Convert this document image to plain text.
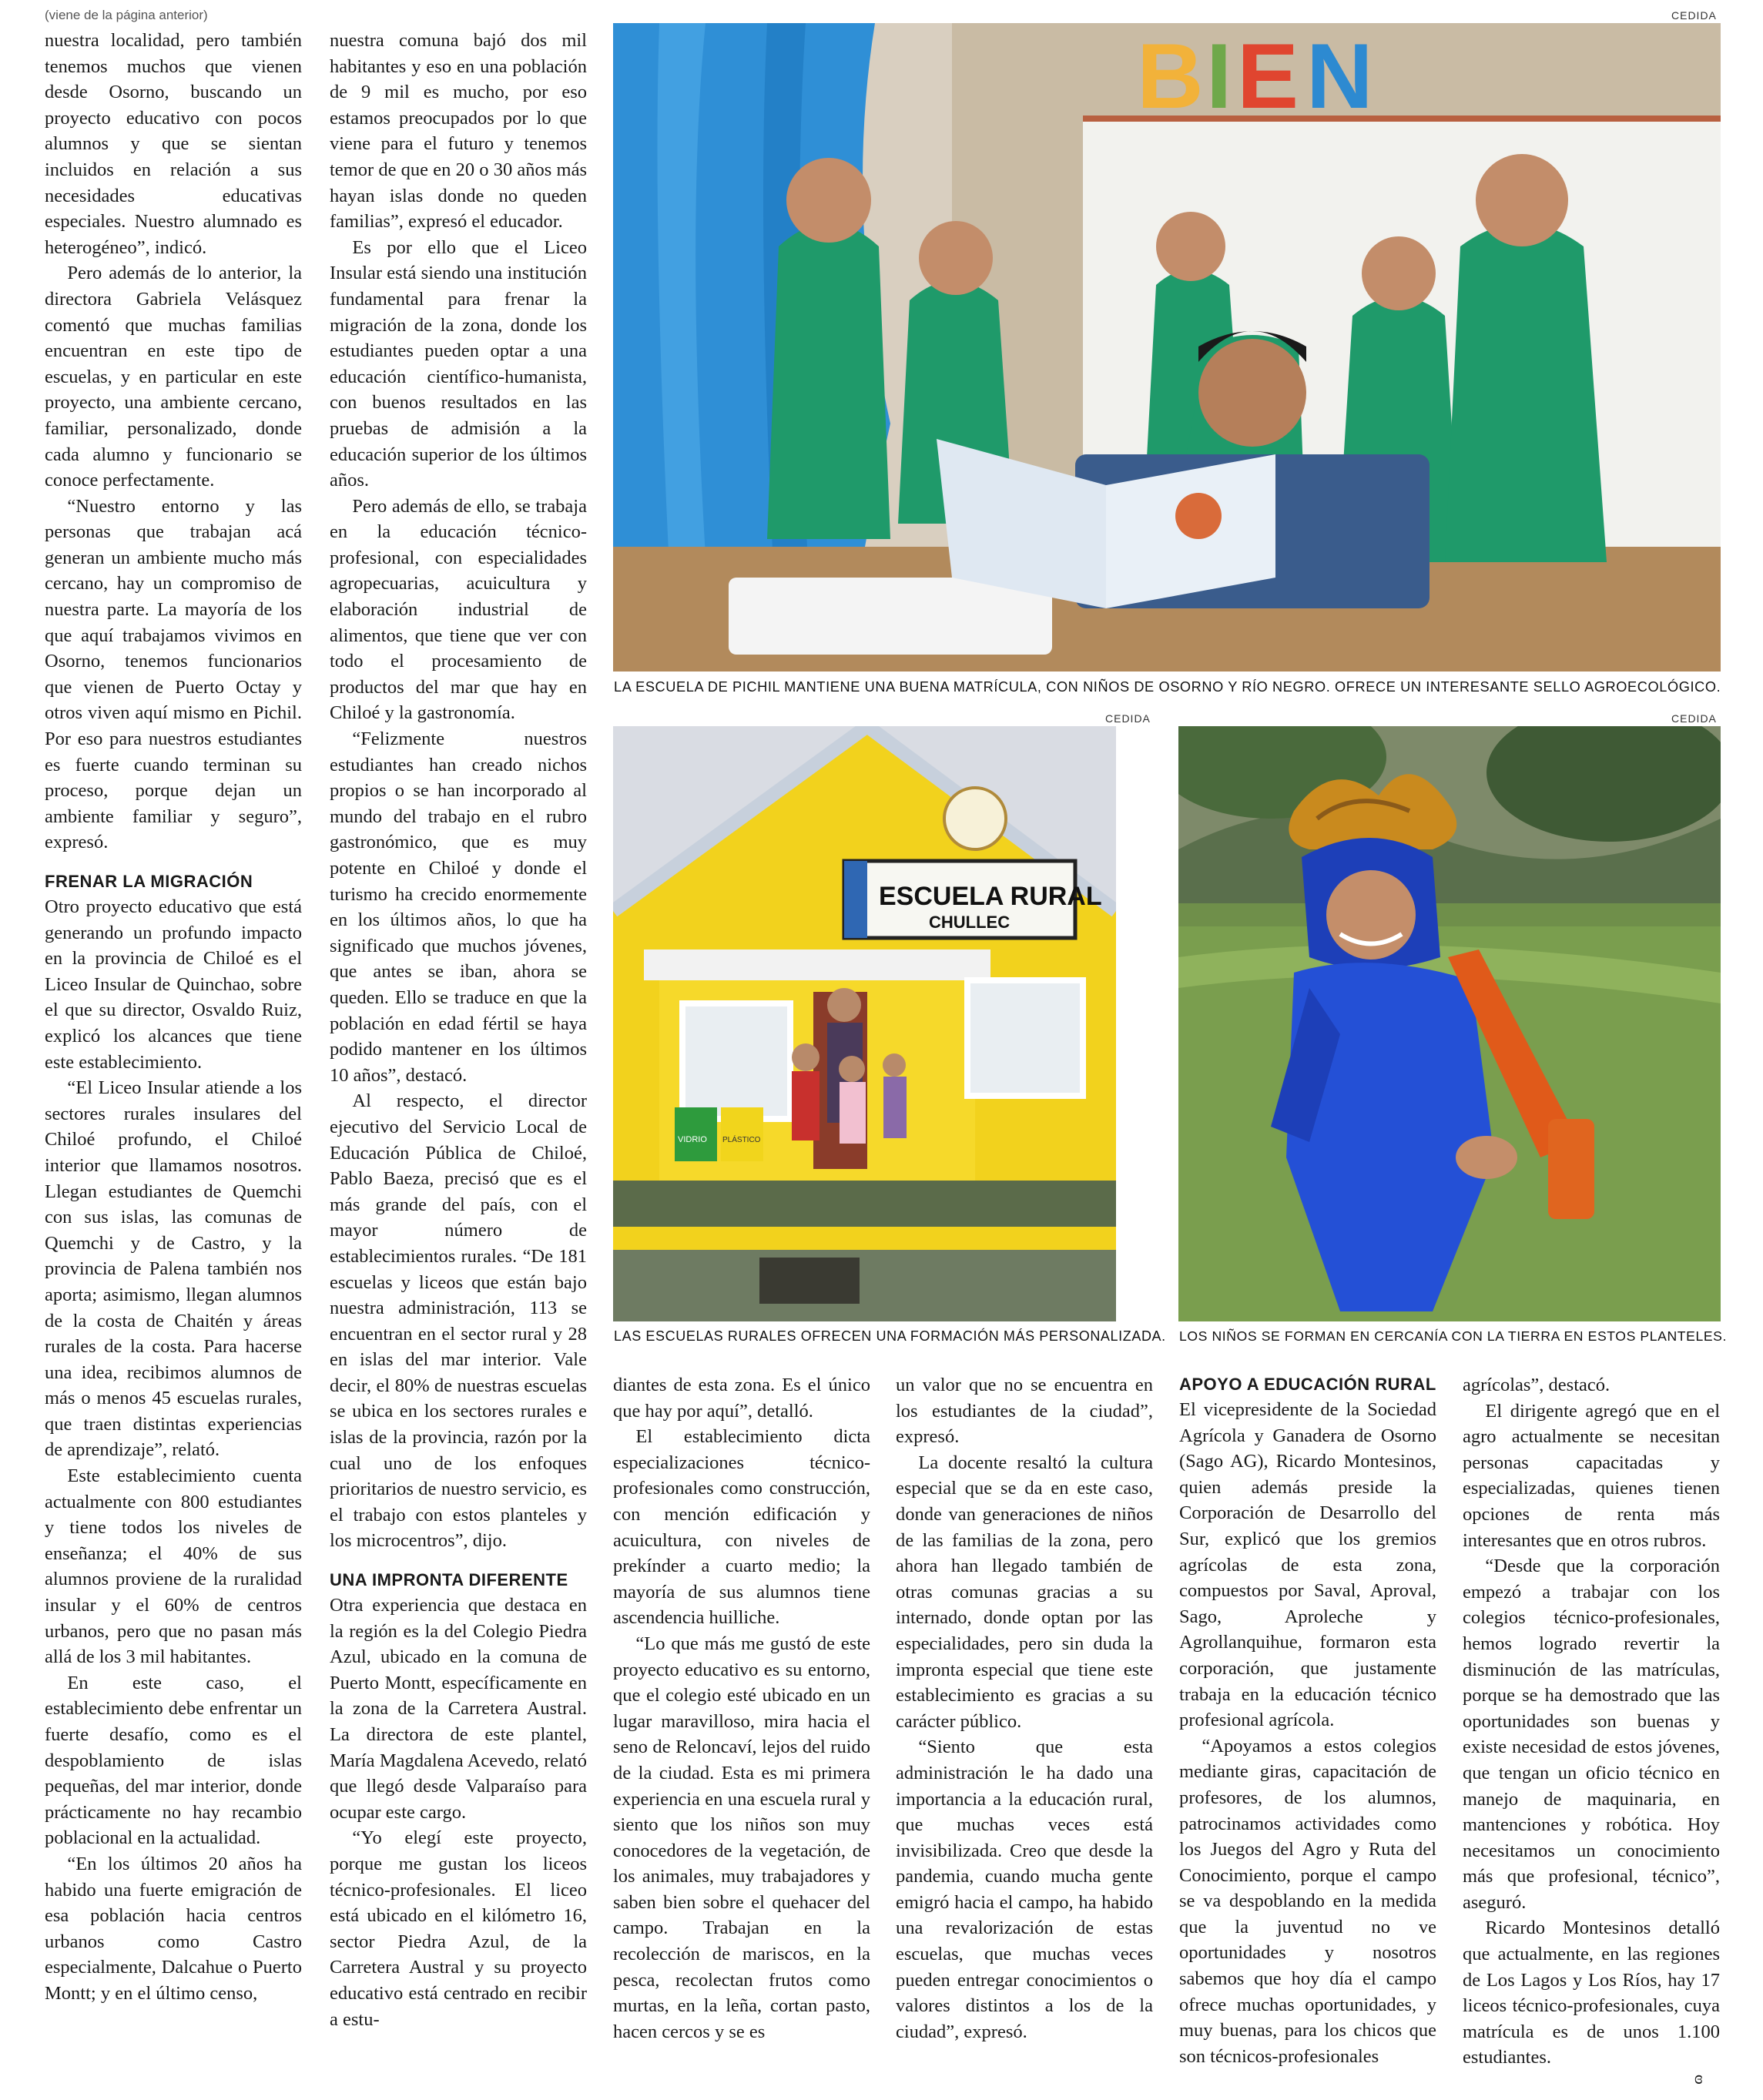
(viene de la página anterior)

nuestra localidad, pero también tenemos muchos que vienen desde Osorno, buscando un proyecto educativo con pocos alumnos y que se sientan incluidos en relación a sus necesidades educativas especiales. Nuestro alumnado es heterogéneo”, indicó.

Pero además de lo anterior, la directora Gabriela Velásquez comentó que muchas familias encuentran en este tipo de escuelas, y en particular en este proyecto, una ambiente cercano, familiar, personalizado, donde cada alumno y funcionario se conoce perfectamente.

“Nuestro entorno y las personas que trabajan acá generan un ambiente mucho más cercano, hay un compromiso de nuestra parte. La mayoría de los que aquí trabajamos vivimos en Osorno, tenemos funcionarios que vienen de Puerto Octay y otros viven aquí mismo en Pichil. Por eso para nuestros estudiantes es fuerte cuando terminan su proceso, porque dejan un ambiente familiar y seguro”, expresó.

FRENAR LA MIGRACIÓN

Otro proyecto educativo que está generando un profundo impacto en la provincia de Chiloé es el Liceo Insular de Quinchao, sobre el que su director, Osvaldo Ruiz, explicó los alcances que tiene este establecimiento.

“El Liceo Insular atiende a los sectores rurales insulares del Chiloé profundo, el Chiloé interior que llamamos nosotros. Llegan estudiantes de Quemchi con sus islas, las comunas de Quemchi y de Castro, y la provincia de Palena también nos aporta; asimismo, llegan alumnos de la costa de Chaitén y áreas rurales de la costa. Para hacerse una idea, recibimos alumnos de más o menos 45 escuelas rurales, que traen distintas experiencias de aprendizaje”, relató.

Este establecimiento cuenta actualmente con 800 estudiantes y tiene todos los niveles de enseñanza; el 40% de sus alumnos proviene de la ruralidad insular y el 60% de centros urbanos, pero que no pasan más allá de los 3 mil habitantes.

En este caso, el establecimiento debe enfrentar un fuerte desafío, como es el despoblamiento de islas pequeñas, del mar interior, donde prácticamente no hay recambio poblacional en la actualidad.

“En los últimos 20 años ha habido una fuerte emigración de esa población hacia centros urbanos como Castro especialmente, Dalcahue o Puerto Montt; y en el último censo,

nuestra comuna bajó dos mil habitantes y eso en una población de 9 mil es mucho, por eso estamos preocupados por lo que viene para el futuro y tenemos temor de que en 20 o 30 años más hayan islas donde no queden familias”, expresó el educador.

Es por ello que el Liceo Insular está siendo una institución fundamental para frenar la migración de la zona, donde los estudiantes pueden optar a una educación científico-humanista, con buenos resultados en las pruebas de admisión a la educación superior de los últimos años.

Pero además de ello, se trabaja en la educación técnico-profesional, con especialidades agropecuarias, acuicultura y elaboración industrial de alimentos, que tiene que ver con todo el procesamiento de productos del mar que hay en Chiloé y la gastronomía.

“Felizmente nuestros estudiantes han creado nichos propios o se han incorporado al mundo del trabajo en el rubro gastronómico, que es muy potente en Chiloé y donde el turismo ha crecido enormemente en los últimos años, lo que ha significado que muchos jóvenes, que antes se iban, ahora se queden. Ello se traduce en que la población en edad fértil se haya podido mantener en los últimos 10 años”, destacó.

Al respecto, el director ejecutivo del Servicio Local de Educación Pública de Chiloé, Pablo Baeza, precisó que es el más grande del país, con el mayor número de establecimientos rurales. “De 181 escuelas y liceos que están bajo nuestra administración, 113 se encuentran en el sector rural y 28 en islas del mar interior. Vale decir, el 80% de nuestras escuelas se ubica en los sectores rurales e islas de la provincia, razón por la cual uno de los enfoques prioritarios de nuestro servicio, es el trabajo con estos planteles y los microcentros”, dijo.

UNA IMPRONTA DIFERENTE

Otra experiencia que destaca en la región es la del Colegio Piedra Azul, ubicado en la comuna de Puerto Montt, específicamente en la zona de la Carretera Austral. La directora de este plantel, María Magdalena Acevedo, relató que llegó desde Valparaíso para ocupar este cargo.

“Yo elegí este proyecto, porque me gustan los liceos técnico-profesionales. El liceo está ubicado en el kilómetro 16, sector Piedra Azul, de la Carretera Austral y su proyecto educativo está centrado en recibir a estu-

CEDIDA
B I E N
LA ESCUELA DE PICHIL MANTIENE UNA BUENA MATRÍCULA, CON NIÑOS DE OSORNO Y RÍO NEGRO. OFRECE UN INTERESANTE SELLO AGROECOLÓGICO.
CEDIDA
ESCUELA RURAL
CHULLEC
VIDRIO PLÁSTICO
LAS ESCUELAS RURALES OFRECEN UNA FORMACIÓN MÁS PERSONALIZADA.
CEDIDA
LOS NIÑOS SE FORMAN EN CERCANÍA CON LA TIERRA EN ESTOS PLANTELES.

diantes de esta zona. Es el único que hay por aquí”, detalló.

El establecimiento dicta especializaciones técnico-profesionales como construcción, con mención edificación y acuicultura, con niveles de prekínder a cuarto medio; la mayoría de sus alumnos tiene ascendencia huilliche.

“Lo que más me gustó de este proyecto educativo es su entorno, que el colegio esté ubicado en un lugar maravilloso, mira hacia el seno de Reloncaví, lejos del ruido de la ciudad. Esta es mi primera experiencia en una escuela rural y siento que los niños son muy conocedores de la vegetación, de los animales, muy trabajadores y saben bien sobre el quehacer del campo. Trabajan en la recolección de mariscos, en la pesca, recolectan frutos como murtas, en la leña, cortan pasto, hacen cercos y se es

un valor que no se encuentra en los estudiantes de la ciudad”, expresó.

La docente resaltó la cultura especial que se da en este caso, donde van generaciones de niños de las familias de la zona, pero ahora han llegado también de otras comunas gracias a su internado, donde optan por las especialidades, pero sin duda la impronta especial que tiene este establecimiento es gracias a su carácter público.

“Siento que esta administración le ha dado una importancia a la educación rural, que muchas veces está invisibilizada. Creo que desde la pandemia, cuando mucha gente emigró hacia el campo, ha habido una revalorización de estas escuelas, que muchas veces pueden entregar conocimientos o valores distintos a los de la ciudad”, expresó.

APOYO A EDUCACIÓN RURAL

El vicepresidente de la Sociedad Agrícola y Ganadera de Osorno (Sago AG), Ricardo Montesinos, quien además preside la Corporación de Desarrollo del Sur, explicó que los gremios agrícolas de esta zona, compuestos por Saval, Aproval, Sago, Aproleche y Agrollanquihue, formaron esta corporación, que justamente trabaja en la educación técnico profesional agrícola.

“Apoyamos a estos colegios mediante giras, capacitación de profesores, de los alumnos, patrocinamos actividades como los Juegos del Agro y Ruta del Conocimiento, porque el campo se va despoblando en la medida que la juventud no ve oportunidades y nosotros sabemos que hoy día el campo ofrece muchas oportunidades, y muy buenas, para los chicos que son técnicos-profesionales

agrícolas”, destacó.

El dirigente agregó que en el agro actualmente se necesitan personas capacitadas y especializadas, quienes tienen opciones de renta más interesantes que en otros rubros.

“Desde que la corporación empezó a trabajar con los colegios técnico-profesionales, hemos logrado revertir la disminución de las matrículas, porque se ha demostrado que las oportunidades son buenas y existe necesidad de estos jóvenes, que tengan un oficio técnico en manejo de maquinaria, en mantenciones y robótica. Hoy necesitamos un conocimiento más que profesional, técnico”, aseguró.

Ricardo Montesinos detalló que actualmente, en las regiones de Los Lagos y Los Ríos, hay 17 liceos técnico-profesionales, cuya matrícula es de unos 1.100 estudiantes.

ɞ
